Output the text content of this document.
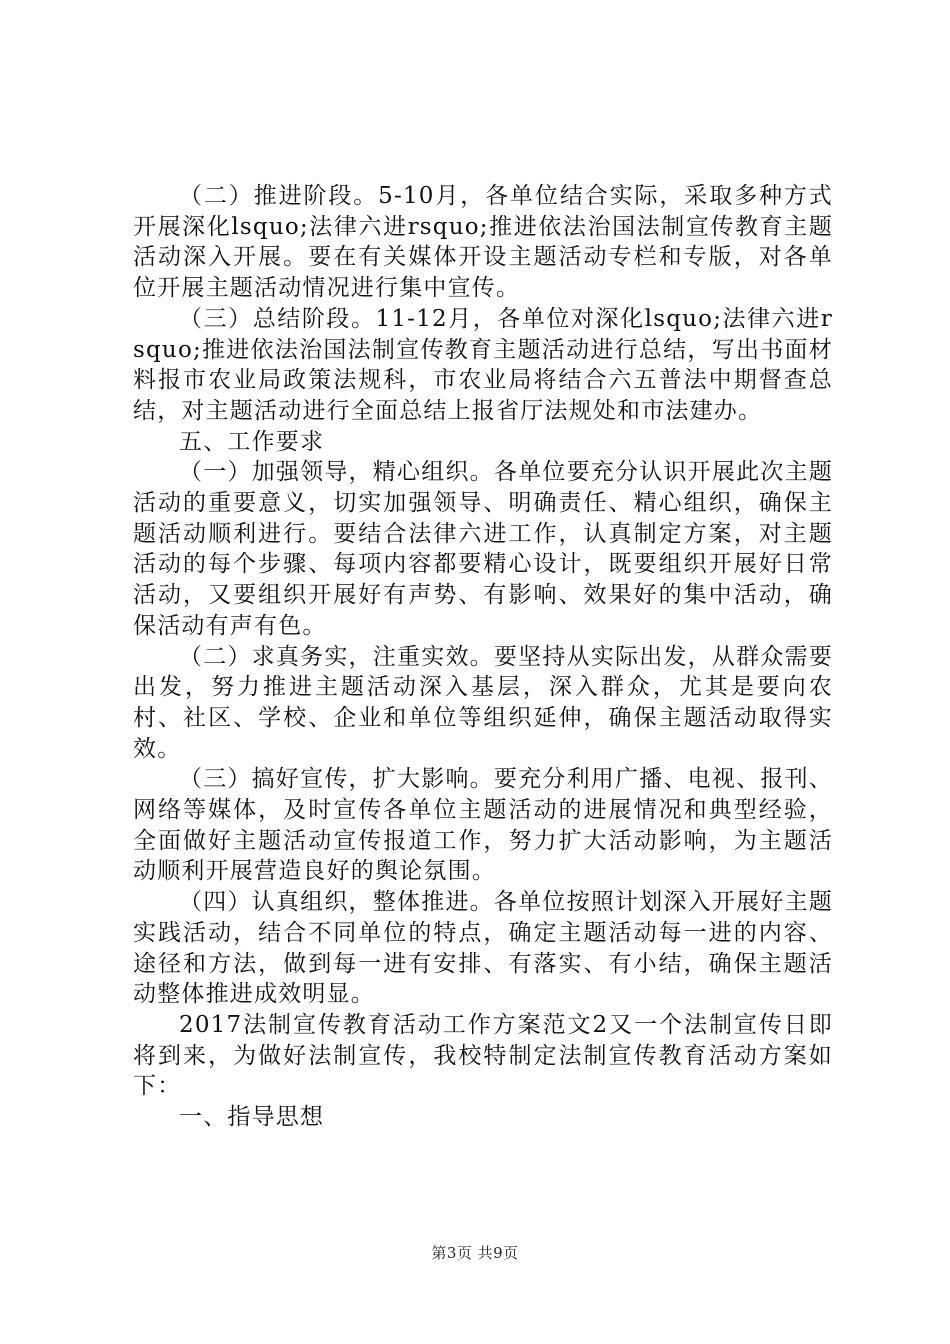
（二）推进阶段。5-10月，各单位结合实际，采取多种方式开展深化lsquo;法律六进rsquo;推进依法治国法制宣传教育主题活动深入开展。要在有关媒体开设主题活动专栏和专版，对各单位开展主题活动情况进行集中宣传。

（三）总结阶段。11-12月，各单位对深化lsquo;法律六进rsquo;推进依法治国法制宣传教育主题活动进行总结，写出书面材料报市农业局政策法规科，市农业局将结合六五普法中期督查总结，对主题活动进行全面总结上报省厅法规处和市法建办。

五、工作要求

（一）加强领导，精心组织。各单位要充分认识开展此次主题活动的重要意义，切实加强领导、明确责任、精心组织，确保主题活动顺利进行。要结合法律六进工作，认真制定方案，对主题活动的每个步骤、每项内容都要精心设计，既要组织开展好日常活动，又要组织开展好有声势、有影响、效果好的集中活动，确保活动有声有色。

（二）求真务实，注重实效。要坚持从实际出发，从群众需要出发，努力推进主题活动深入基层，深入群众，尤其是要向农村、社区、学校、企业和单位等组织延伸，确保主题活动取得实效。

（三）搞好宣传，扩大影响。要充分利用广播、电视、报刊、网络等媒体，及时宣传各单位主题活动的进展情况和典型经验，全面做好主题活动宣传报道工作，努力扩大活动影响，为主题活动顺利开展营造良好的舆论氛围。

（四）认真组织，整体推进。各单位按照计划深入开展好主题实践活动，结合不同单位的特点，确定主题活动每一进的内容、途径和方法，做到每一进有安排、有落实、有小结，确保主题活动整体推进成效明显。

2017法制宣传教育活动工作方案范文2又一个法制宣传日即将到来，为做好法制宣传，我校特制定法制宣传教育活动方案如下：

一、指导思想

第3页 共9页
